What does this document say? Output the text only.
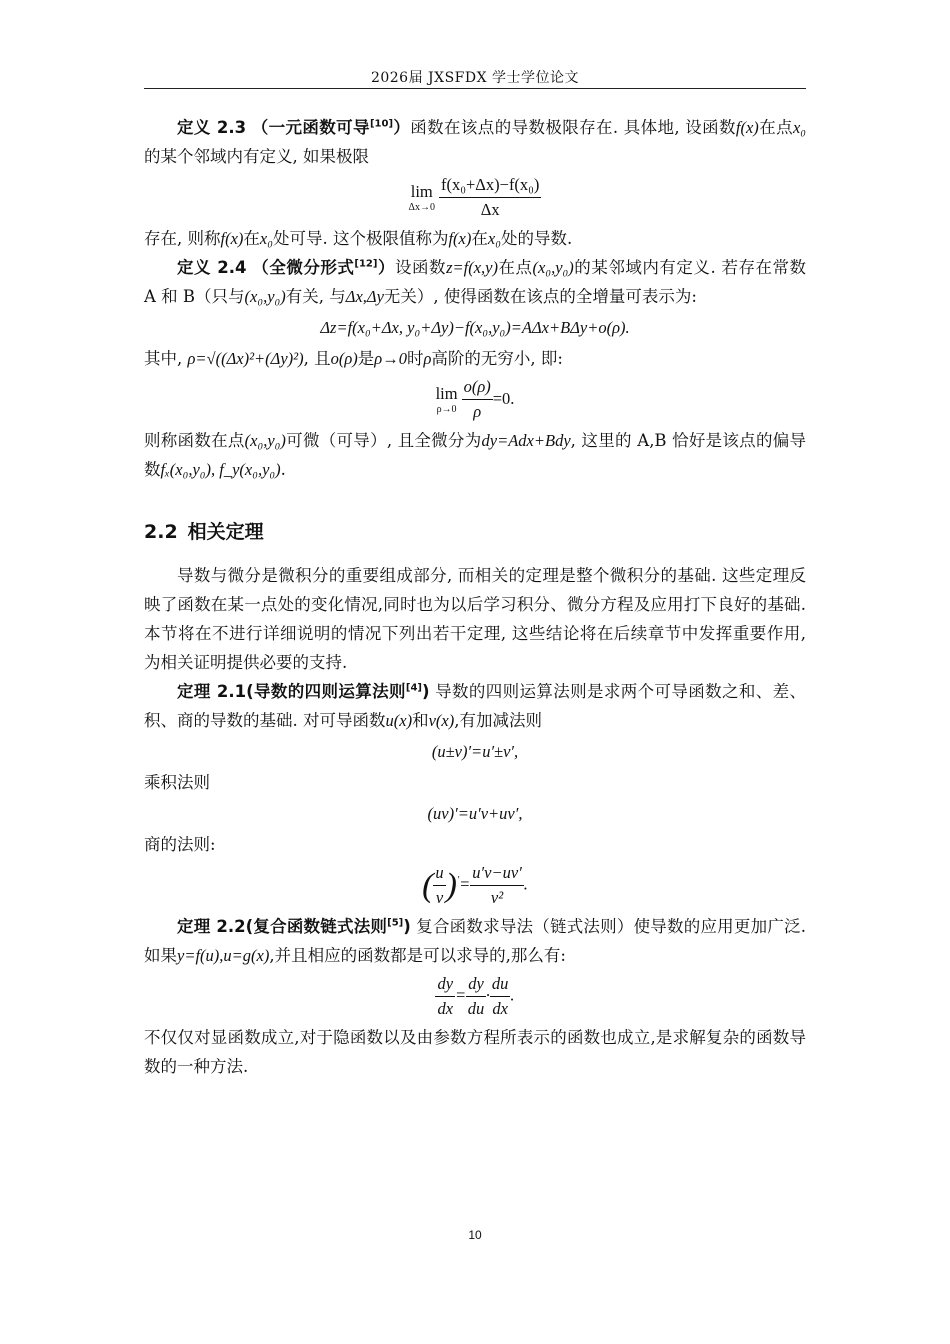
2026届 JXSFDX 学士学位论文

定义 2.3 （一元函数可导[10]）函数在该点的导数极限存在. 具体地, 设函数f(x)在点x₀的某个邻域内有定义, 如果极限

lim
$\Delta x\to 0 \frac{\text{f(x₀+Δx)−f(x₀)}}{\Delta x}$

存在, 则称f(x)在x₀处可导. 这个极限值称为f(x)在x₀处的导数.

定义 2.4 （全微分形式[12]）设函数z=f(x,y)在点(x₀,y₀)的某邻域内有定义. 若存在常数 A 和 B（只与(x₀,y₀)有关, 与Δx,Δy无关）, 使得函数在该点的全增量可表示为:

Δz=f(x₀+Δx, y₀+Δy)−f(x₀,y₀)=AΔx+BΔy+o(ρ).

其中, ρ=√((Δx)²+(Δy)²), 且o(ρ)是ρ→0时ρ高阶的无穷小, 即:

lim
$\rho\to 0 \frac{o(\rho)}{\rho} =0$.

则称函数在点(x₀,y₀)可微（可导）, 且全微分为dy=Adx+Bdy, 这里的 A,B 恰好是该点的偏导数fₓ(x₀,y₀), f_y(x₀,y₀).

2.2 相关定理

导数与微分是微积分的重要组成部分, 而相关的定理是整个微积分的基础. 这些定理反映了函数在某一点处的变化情况,同时也为以后学习积分、微分方程及应用打下良好的基础. 本节将在不进行详细说明的情况下列出若干定理, 这些结论将在后续章节中发挥重要作用, 为相关证明提供必要的支持.

定理 2.1(导数的四则运算法则[4]) 导数的四则运算法则是求两个可导函数之和、差、积、商的导数的基础. 对可导函数u(x)和v(x),有加减法则

(u±v)′=u′±v′,

乘积法则

(uv)′=u′v+uv′,

商的法则:

( $\frac{u}{v} )'= \frac{u'v-uv'}{\text{v²}}$ .

定理 2.2(复合函数链式法则[5]) 复合函数求导法（链式法则）使导数的应用更加广泛. 如果y=f(u),u=g(x),并且相应的函数都是可以求导的,那么有:

$\frac{dy}{dx} = \frac{dy}{du} \cdot \frac{du}{dx}$ .

不仅仅对显函数成立,对于隐函数以及由参数方程所表示的函数也成立,是求解复杂的函数导数的一种方法.

10
